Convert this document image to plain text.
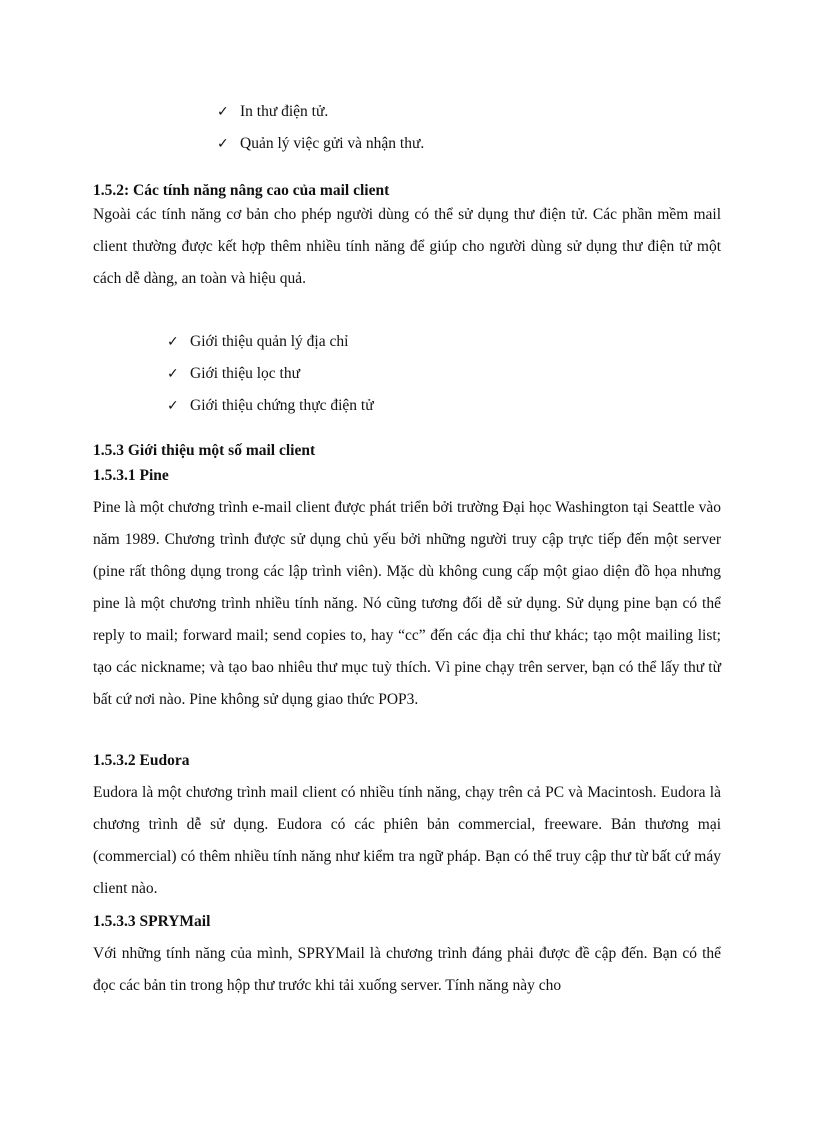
✓ In thư điện tử.
✓ Quản lý việc gửi và nhận thư.
1.5.2: Các tính năng nâng cao của mail client

Ngoài các tính năng cơ bản cho phép người dùng có thể sử dụng thư điện tử. Các phần mềm mail client thường được kết hợp thêm nhiều tính năng để giúp cho người dùng sử dụng thư điện tử một cách dễ dàng, an toàn và hiệu quả.

✓ Giới thiệu quản lý địa chỉ
✓ Giới thiệu lọc thư
✓ Giới thiệu chứng thực điện tử
1.5.3 Giới thiệu một số mail client
1.5.3.1 Pine

Pine là một chương trình e-mail client được phát triển bởi trường Đại học Washington tại Seattle vào năm 1989. Chương trình được sử dụng chủ yếu bởi những người truy cập trực tiếp đến một server (pine rất thông dụng trong các lập trình viên). Mặc dù không cung cấp một giao diện đồ họa nhưng pine là một chương trình nhiều tính năng. Nó cũng tương đối dễ sử dụng. Sử dụng pine bạn có thể reply to mail; forward mail; send copies to, hay “cc” đến các địa chỉ thư khác; tạo một mailing list; tạo các nickname; và tạo bao nhiêu thư mục tuỳ thích. Vì pine chạy trên server, bạn có thể lấy thư từ bất cứ nơi nào. Pine không sử dụng giao thức POP3.

1.5.3.2 Eudora

Eudora là một chương trình mail client có nhiều tính năng, chạy trên cả PC và Macintosh. Eudora là chương trình dễ sử dụng. Eudora có các phiên bản commercial, freeware. Bản thương mại (commercial) có thêm nhiều tính năng như kiểm tra ngữ pháp. Bạn có thể truy cập thư từ bất cứ máy client nào.

1.5.3.3 SPRYMail

Với những tính năng của mình, SPRYMail là chương trình đáng phải được đề cập đến. Bạn có thể đọc các bản tin trong hộp thư trước khi tải xuống server. Tính năng này cho
